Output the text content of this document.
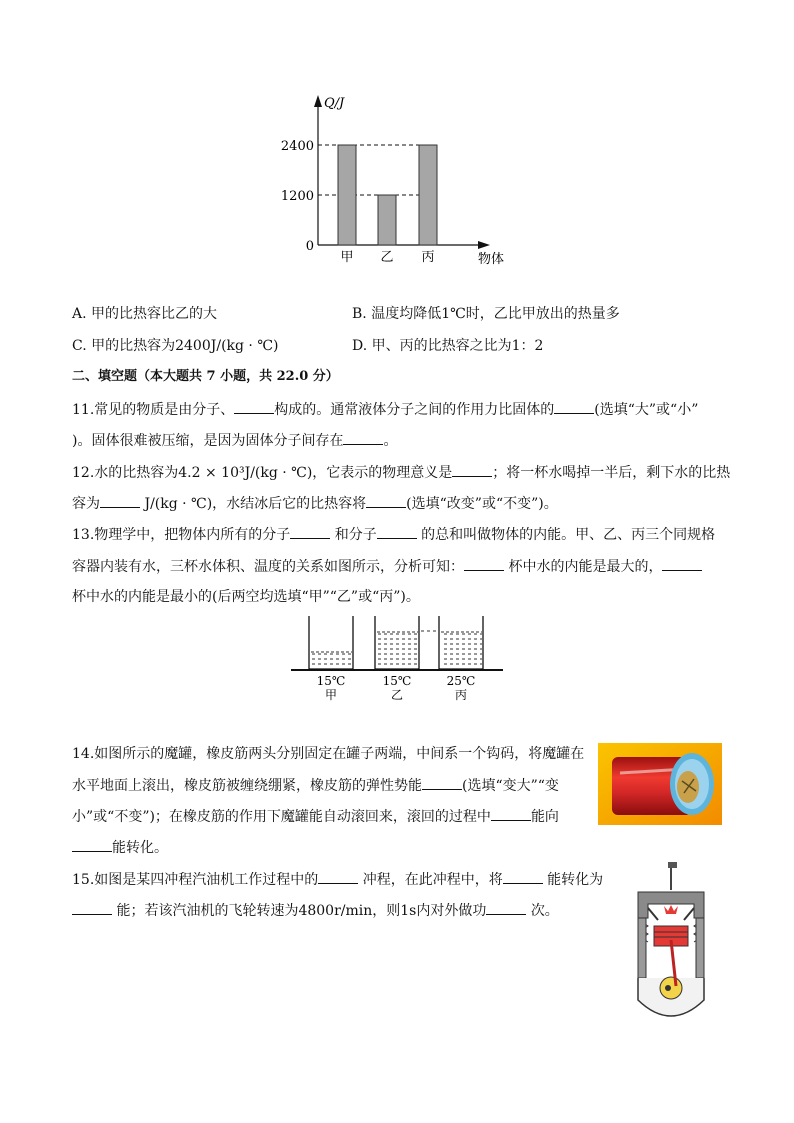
Q/J
物体
0
1200
2400
甲 乙 丙
A. 甲的比热容比乙的大	B. 温度均降低1℃时，乙比甲放出的热量多
C. 甲的比热容为2400J/(kg · ℃)	D. 甲、丙的比热容之比为1：2
二、填空题（本大题共 7 小题，共 22.0 分）
11.常见的物质是由分子、	构成的。通常液体分子之间的作用力比固体的	(选填“大”或“小”
)。固体很难被压缩，是因为固体分子间存在	。
12.水的比热容为4.2 × 10³J/(kg · ℃)，它表示的物理意义是	；将一杯水喝掉一半后，剩下水的比热
容为	J/(kg · ℃)，水结冰后它的比热容将	(选填“改变”或“不变”)。
13.物理学中，把物体内所有的分子	和分子	的总和叫做物体的内能。甲、乙、丙三个同规格
容器内装有水，三杯水体积、温度的关系如图所示，分析可知：	杯中水的内能是最大的，
杯中水的内能是最小的(后两空均选填“甲”“乙”或“丙”)。
15℃
甲
15℃
乙
25℃
丙
14.如图所示的魔罐，橡皮筋两头分别固定在罐子两端，中间系一个钩码，将魔罐在
水平地面上滚出，橡皮筋被缠绕绷紧，橡皮筋的弹性势能	(选填“变大”“变
小”或“不变”)；在橡皮筋的作用下魔罐能自动滚回来，滚回的过程中	能向
能转化。
15.如图是某四冲程汽油机工作过程中的	冲程，在此冲程中，将	能转化为
能；若该汽油机的飞轮转速为4800r/min，则1s内对外做功	次。
